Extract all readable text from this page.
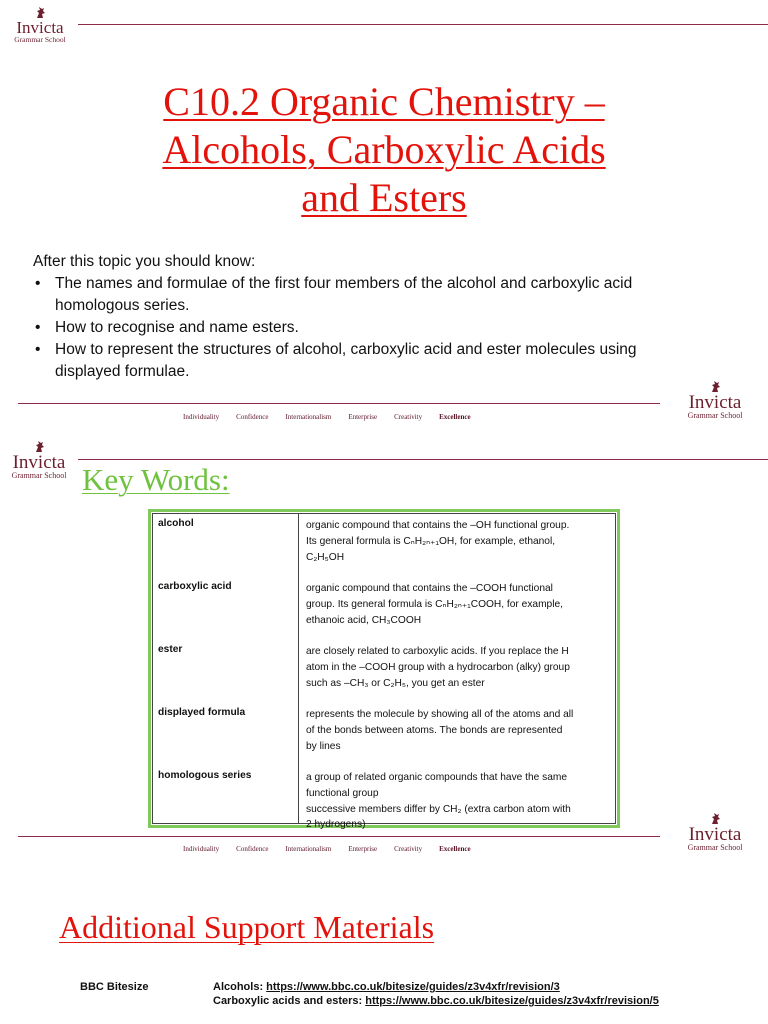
Invicta
Grammar School
C10.2 Organic Chemistry –
Alcohols, Carboxylic Acids
and Esters
After this topic you should know:
• The names and formulae of the first four members of the alcohol and carboxylic acid
homologous series.
• How to recognise and name esters.
• How to represent the structures of alcohol, carboxylic acid and ester molecules using
displayed formulae.
Individuality Confidence Internationalism Enterprise Creativity Excellence
Invicta
Grammar School
Invicta
Grammar School Key Words:
alcohol	organic compound that contains the –OH functional group.
Its general formula is CₙH₂ₙ₊₁OH, for example, ethanol,
C₂H₅OH
carboxylic acid	organic compound that contains the –COOH functional
group. Its general formula is CₙH₂ₙ₊₁COOH, for example,
ethanoic acid, CH₃COOH
ester	are closely related to carboxylic acids. If you replace the H
atom in the –COOH group with a hydrocarbon (alky) group
such as –CH₃ or C₂H₅, you get an ester
displayed formula	represents the molecule by showing all of the atoms and all
of the bonds between atoms. The bonds are represented
by lines
homologous series	a group of related organic compounds that have the same
functional group
successive members differ by CH₂ (extra carbon atom with
2 hydrogens)
Individuality Confidence Internationalism Enterprise Creativity Excellence
Invicta
Grammar School
Additional Support Materials
BBC Bitesize	Alcohols: https://www.bbc.co.uk/bitesize/guides/z3v4xfr/revision/3
Carboxylic acids and esters: https://www.bbc.co.uk/bitesize/guides/z3v4xfr/revision/5
